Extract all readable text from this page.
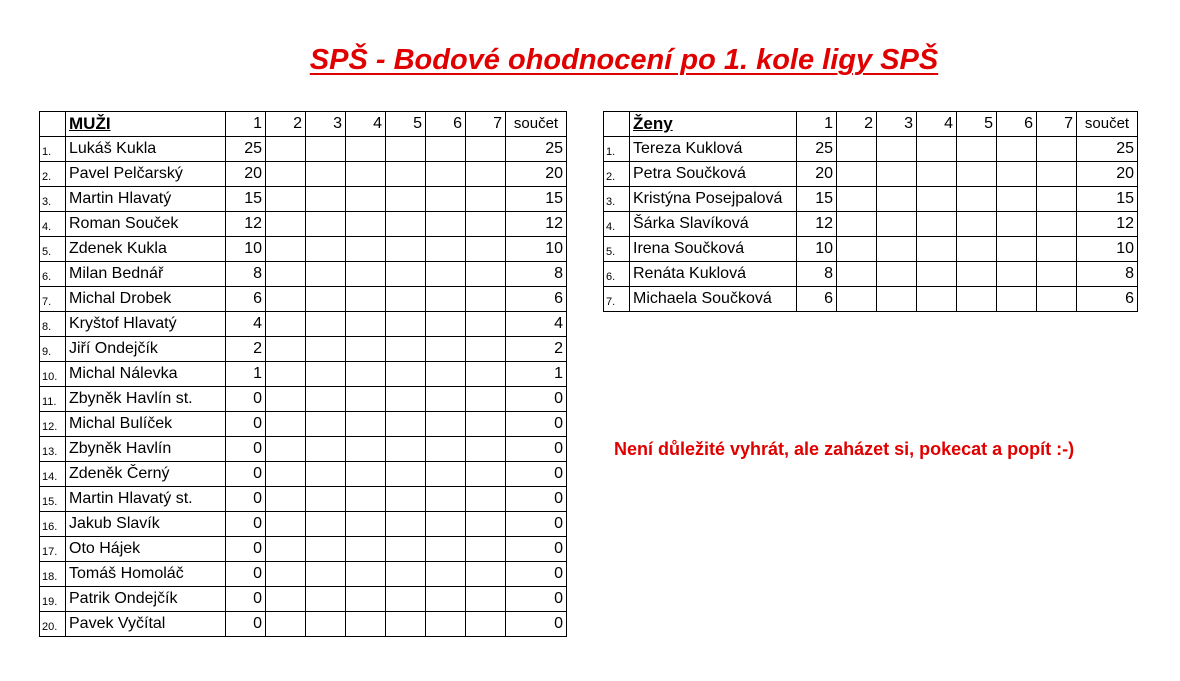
SPŠ - Bodové ohodnocení po 1. kole ligy SPŠ
	MUŽI	1	2	3	4	5	6	7	součet
1.	Lukáš Kukla	25							25
2.	Pavel Pelčarský	20							20
3.	Martin Hlavatý	15							15
4.	Roman Souček	12							12
5.	Zdenek Kukla	10							10
6.	Milan Bednář	8							8
7.	Michal Drobek	6							6
8.	Kryštof Hlavatý	4							4
9.	Jiří Ondejčík	2							2
10.	Michal Nálevka	1							1
11.	Zbyněk Havlín st.	0							0
12.	Michal Bulíček	0							0
13.	Zbyněk Havlín	0							0
14.	Zdeněk Černý	0							0
15.	Martin Hlavatý st.	0							0
16.	Jakub Slavík	0							0
17.	Oto Hájek	0							0
18.	Tomáš Homoláč	0							0
19.	Patrik Ondejčík	0							0
20.	Pavek Vyčítal	0							0
	Ženy	1	2	3	4	5	6	7	součet
1.	Tereza Kuklová	25							25
2.	Petra Součková	20							20
3.	Kristýna Posejpalová	15							15
4.	Šárka Slavíková	12							12
5.	Irena Součková	10							10
6.	Renáta Kuklová	8							8
7.	Michaela Součková	6							6
Není důležité vyhrát, ale zaházet si, pokecat a popít :-)
